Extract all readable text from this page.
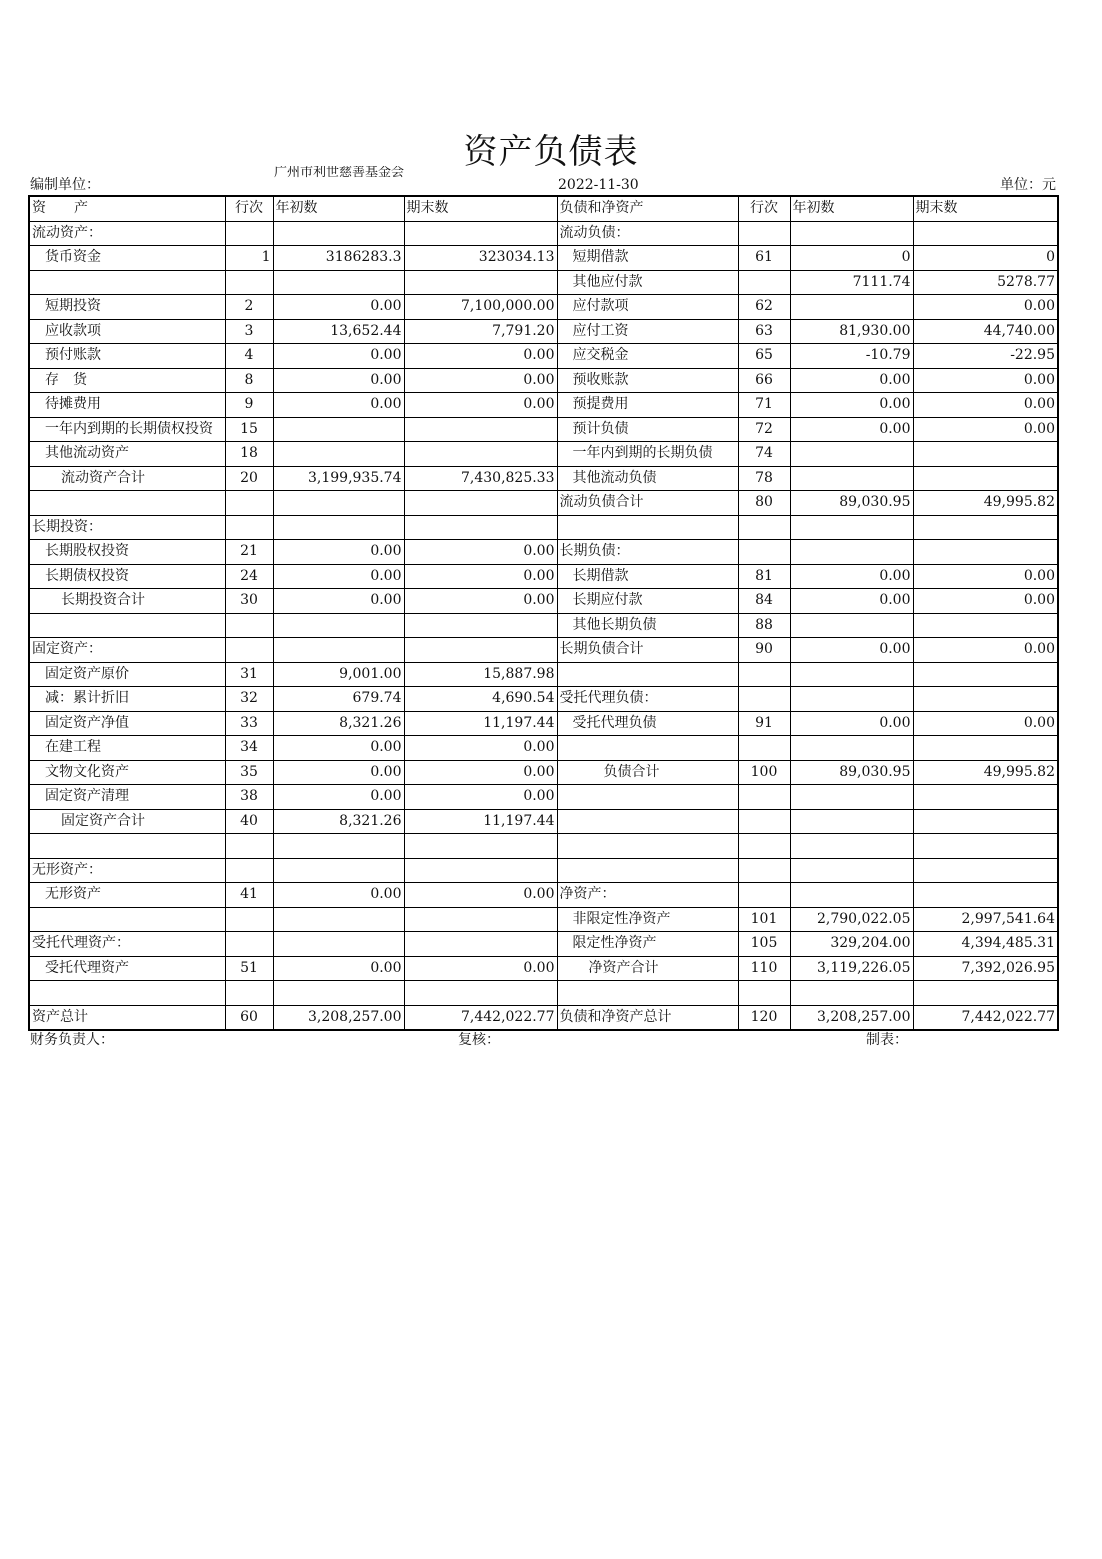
资产负债表
编制单位：
广州市利世慈善基金会
2022-11-30	单位：元
资　　产	行次	年初数	期末数	负债和净资产	行次	年初数	期末数
流动资产：				流动负债：			
货币资金	1	3186283.3	323034.13	短期借款	61	0	0
				其他应付款		7111.74	5278.77
短期投资	2	0.00	7,100,000.00	应付款项	62		0.00
应收款项	3	13,652.44	7,791.20	应付工资	63	81,930.00	44,740.00
预付账款	4	0.00	0.00	应交税金	65	-10.79	-22.95
存　货	8	0.00	0.00	预收账款	66	0.00	0.00
待摊费用	9	0.00	0.00	预提费用	71	0.00	0.00
一年内到期的长期债权投资	15			预计负债	72	0.00	0.00
其他流动资产	18			一年内到期的长期负债	74		
流动资产合计	20	3,199,935.74	7,430,825.33	其他流动负债	78		
				流动负债合计	80	89,030.95	49,995.82
长期投资：							
长期股权投资	21	0.00	0.00	长期负债：			
长期债权投资	24	0.00	0.00	长期借款	81	0.00	0.00
长期投资合计	30	0.00	0.00	长期应付款	84	0.00	0.00
				其他长期负债	88		
固定资产：				长期负债合计	90	0.00	0.00
固定资产原价	31	9,001.00	15,887.98				
减：累计折旧	32	679.74	4,690.54	受托代理负债：			
固定资产净值	33	8,321.26	11,197.44	受托代理负债	91	0.00	0.00
在建工程	34	0.00	0.00				
文物文化资产	35	0.00	0.00	负债合计	100	89,030.95	49,995.82
固定资产清理	38	0.00	0.00				
固定资产合计	40	8,321.26	11,197.44				

无形资产：							
无形资产	41	0.00	0.00	净资产：			
				非限定性净资产	101	2,790,022.05	2,997,541.64
受托代理资产：				限定性净资产	105	329,204.00	4,394,485.31
受托代理资产	51	0.00	0.00	净资产合计	110	3,119,226.05	7,392,026.95

资产总计	60	3,208,257.00	7,442,022.77	负债和净资产总计	120	3,208,257.00	7,442,022.77
财务负责人：	复核：	制表：
